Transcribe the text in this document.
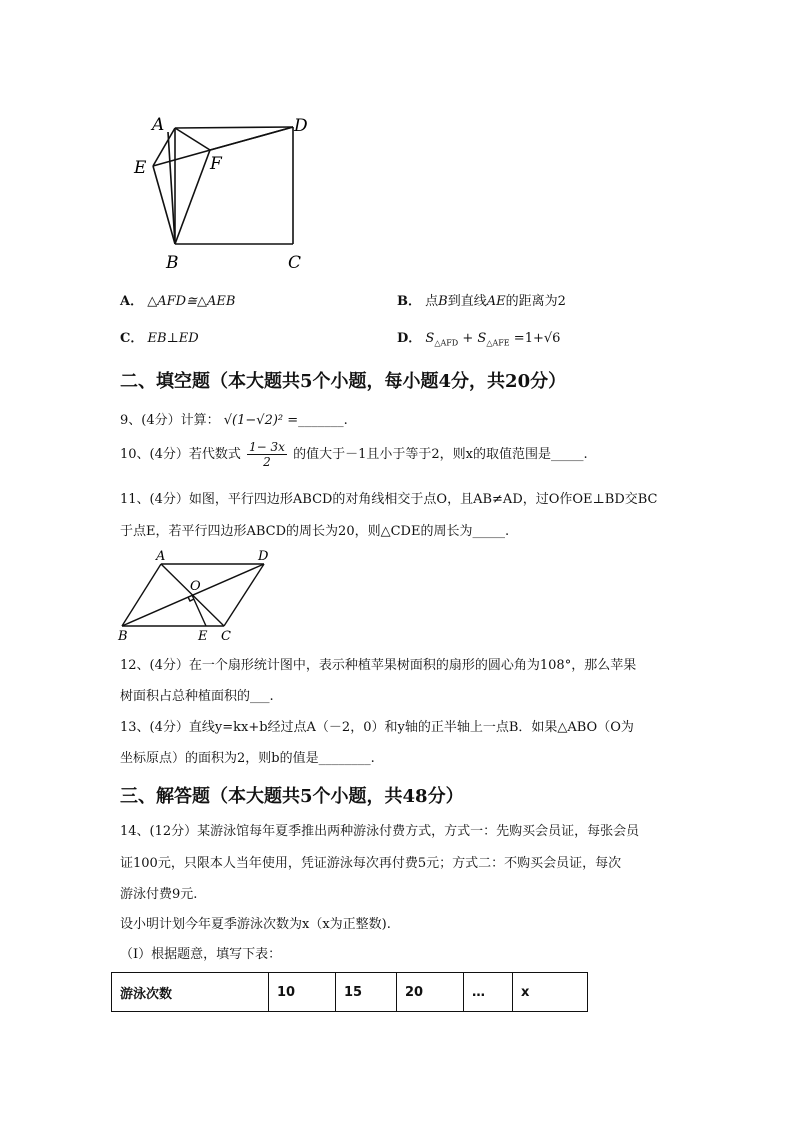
A	D
E	F
B	C
A． △AFD≅△AEB	B． 点B到直线AE的距离为2
C． EB⊥ED	D． $S_{\triangle AFD} + S_{\triangle AFE} =1+√6$
二、填空题（本大题共5个小题，每小题4分，共20分）
9、(4分）计算： √(1−√2)² =_______.
10、(4分）若代数式 $\frac{1- 3x}{2}$ 的值大于－1且小于等于2，则x的取值范围是_____.
11、(4分）如图，平行四边形ABCD的对角线相交于点O，且AB≠AD，过O作OE⊥BD交BC
于点E，若平行四边形ABCD的周长为20，则△CDE的周长为_____.
A	D
O
B	E C
12、(4分）在一个扇形统计图中，表示种植苹果树面积的扇形的圆心角为108°，那么苹果
树面积占总种植面积的___.
13、(4分）直线y=kx+b经过点A（－2，0）和y轴的正半轴上一点B．如果△ABO（O为
坐标原点）的面积为2，则b的值是________.
三、解答题（本大题共5个小题，共48分）
14、(12分）某游泳馆每年夏季推出两种游泳付费方式，方式一：先购买会员证，每张会员
证100元，只限本人当年使用，凭证游泳每次再付费5元；方式二：不购买会员证，每次
游泳付费9元.
设小明计划今年夏季游泳次数为x（x为正整数).
（I）根据题意，填写下表：
游泳次数	10	15	20	…	x
